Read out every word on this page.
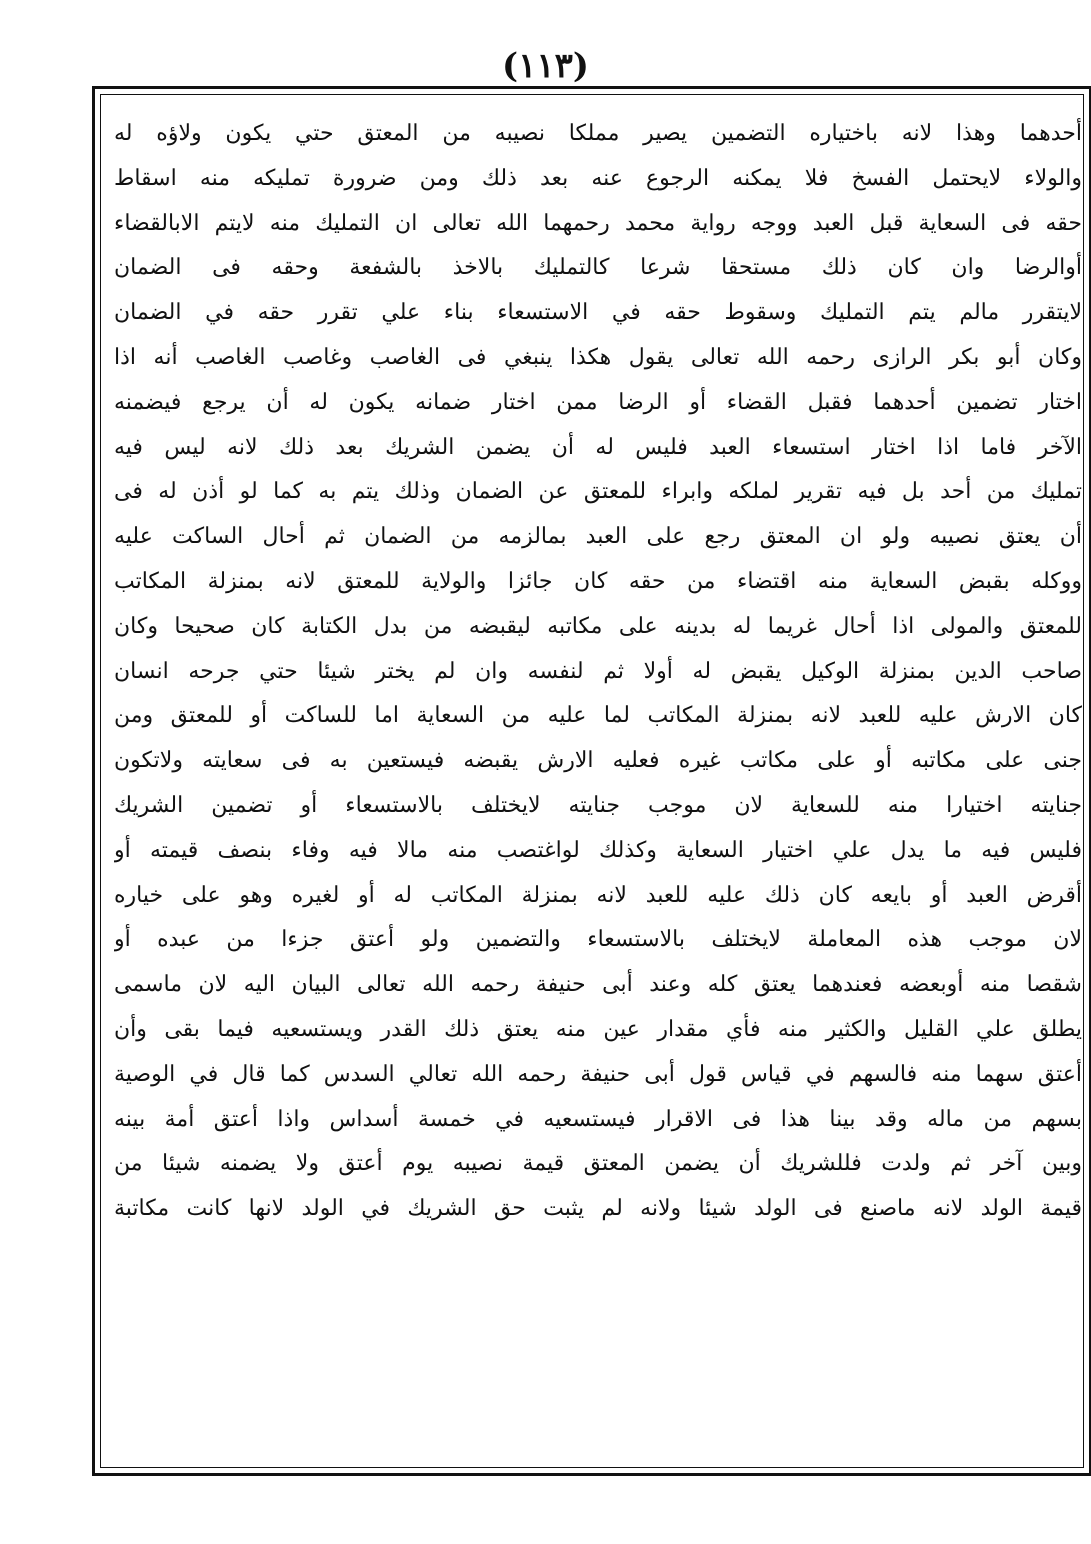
(١١٣)
أحدهما وهذا لانه باختياره التضمين يصير مملكا نصيبه من المعتق حتي يكون ولاؤه له
والولاء لايحتمل الفسخ فلا يمكنه الرجوع عنه بعد ذلك ومن ضرورة تمليكه منه اسقاط
حقه فى السعاية قبل العبد ووجه رواية محمد رحمهما الله تعالى ان التمليك منه لايتم الابالقضاء
أوالرضا وان كان ذلك مستحقا شرعا كالتمليك بالاخذ بالشفعة وحقه فى الضمان
لايتقرر مالم يتم التمليك وسقوط حقه في الاستسعاء بناء علي تقرر حقه في الضمان
وكان أبو بكر الرازى رحمه الله تعالى يقول هكذا ينبغي فى الغاصب وغاصب الغاصب أنه اذا
اختار تضمين أحدهما فقبل القضاء أو الرضا ممن اختار ضمانه يكون له أن يرجع فيضمنه
الآخر فاما اذا اختار استسعاء العبد فليس له أن يضمن الشريك بعد ذلك لانه ليس فيه
تمليك من أحد بل فيه تقرير لملكه وابراء للمعتق عن الضمان وذلك يتم به كما لو أذن له فى
أن يعتق نصيبه ولو ان المعتق رجع على العبد بمالزمه من الضمان ثم أحال الساكت عليه
ووكله بقبض السعاية منه اقتضاء من حقه كان جائزا والولاية للمعتق لانه بمنزلة المكاتب
للمعتق والمولى اذا أحال غريما له بدينه على مكاتبه ليقبضه من بدل الكتابة كان صحيحا وكان
صاحب الدين بمنزلة الوكيل يقبض له أولا ثم لنفسه وان لم يختر شيئا حتي جرحه انسان
كان الارش عليه للعبد لانه بمنزلة المكاتب لما عليه من السعاية اما للساكت أو للمعتق ومن
جنى على مكاتبه أو على مكاتب غيره فعليه الارش يقبضه فيستعين به فى سعايته ولاتكون
جنايته اختيارا منه للسعاية لان موجب جنايته لايختلف بالاستسعاء أو تضمين الشريك
فليس فيه ما يدل علي اختيار السعاية وكذلك لواغتصب منه مالا فيه وفاء بنصف قيمته أو
أقرض العبد أو بايعه كان ذلك عليه للعبد لانه بمنزلة المكاتب له أو لغيره وهو على خياره
لان موجب هذه المعاملة لايختلف بالاستسعاء والتضمين ولو أعتق جزءا من عبده أو
شقصا منه أوبعضه فعندهما يعتق كله وعند أبى حنيفة رحمه الله تعالى البيان اليه لان ماسمى
يطلق علي القليل والكثير منه فأي مقدار عين منه يعتق ذلك القدر ويستسعيه فيما بقى وأن
أعتق سهما منه فالسهم في قياس قول أبى حنيفة رحمه الله تعالي السدس كما قال في الوصية
بسهم من ماله وقد بينا هذا فى الاقرار فيستسعيه في خمسة أسداس واذا أعتق أمة بينه
وبين آخر ثم ولدت فللشريك أن يضمن المعتق قيمة نصيبه يوم أعتق ولا يضمنه شيئا من
قيمة الولد لانه ماصنع فى الولد شيئا ولانه لم يثبت حق الشريك في الولد لانها كانت مكاتبة
